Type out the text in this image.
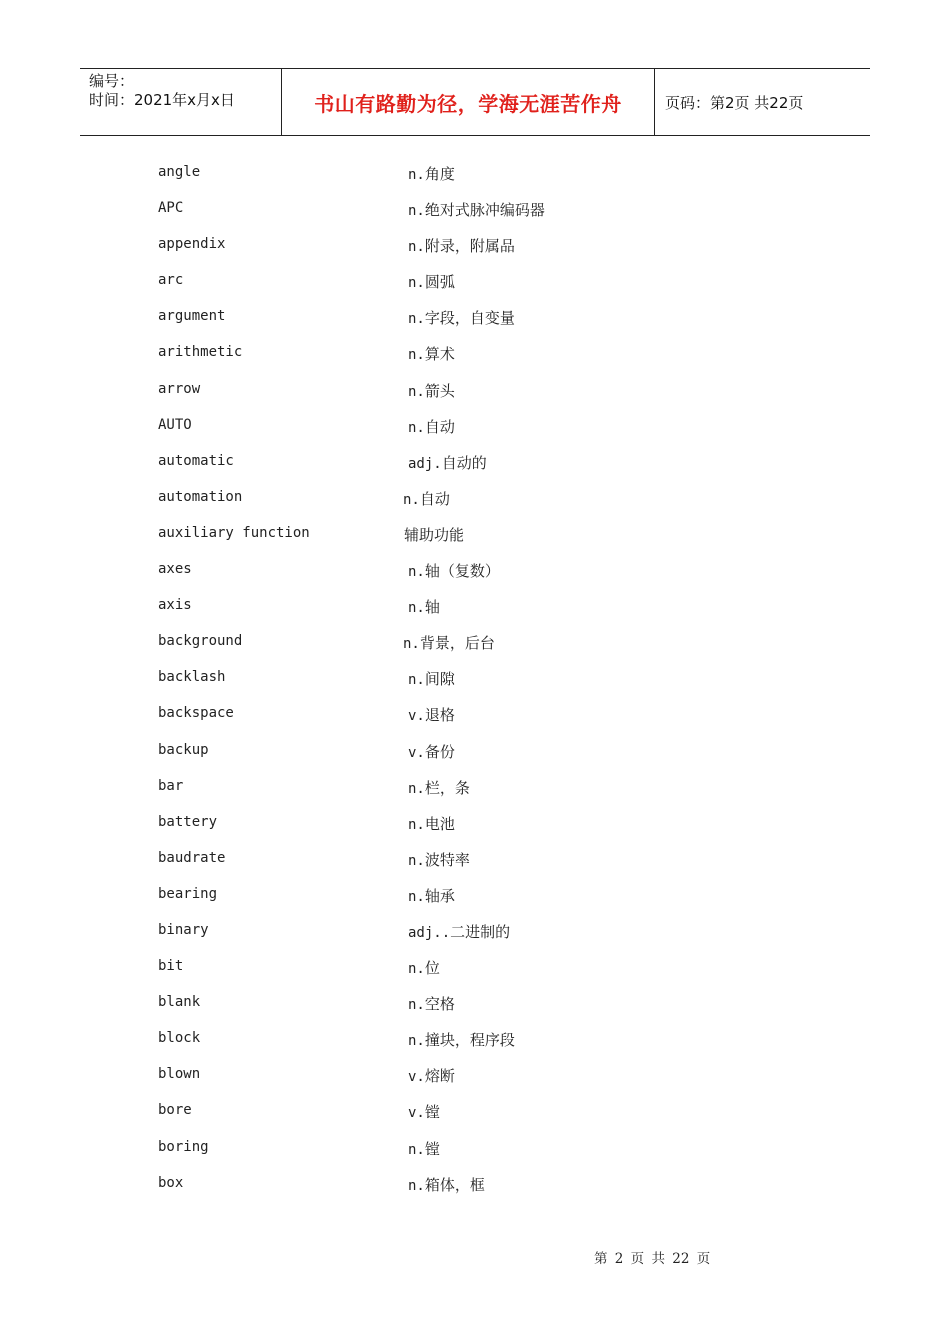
编号：
时间：2021年x月x日	书山有路勤为径，学海无涯苦作舟	页码：第2页 共22页
angle	n.角度
APC	n.绝对式脉冲编码器
appendix	n.附录，附属品
arc	n.圆弧
argument	n.字段，自变量
arithmetic	n.算术
arrow	n.箭头
AUTO	n.自动
automatic	adj.自动的
automation	n.自动
auxiliary function	辅助功能
axes	n.轴（复数）
axis	n.轴
background	n.背景，后台
backlash	n.间隙
backspace	v.退格
backup	v.备份
bar	n.栏，条
battery	n.电池
baudrate	n.波特率
bearing	n.轴承
binary	adj..二进制的
bit	n.位
blank	n.空格
block	n.撞块，程序段
blown	v.熔断
bore	v.镗
boring	n.镗
box	n.箱体，框
第 2 页 共 22 页
